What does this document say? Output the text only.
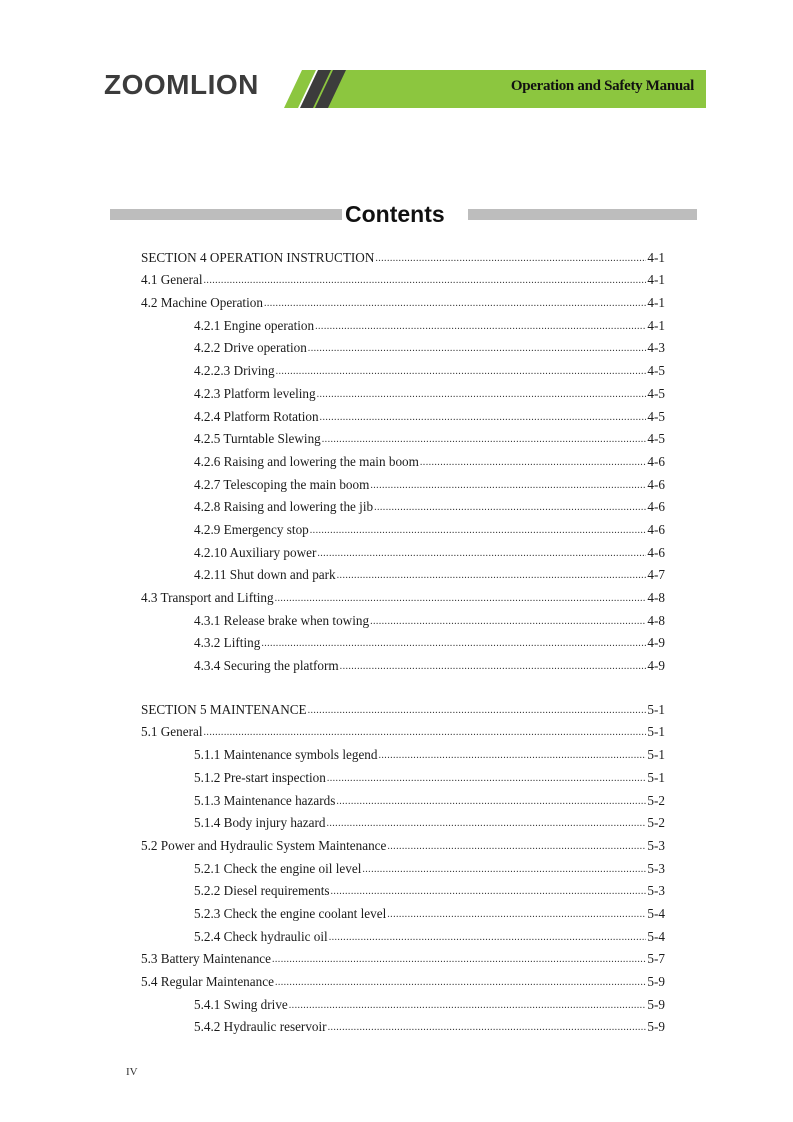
ZOOMLION	Operation and Safety Manual
Contents
SECTION 4 OPERATION INSTRUCTION .....	4-1
4.1 General .....	4-1
4.2 Machine Operation .....	4-1
4.2.1 Engine operation .....	4-1
4.2.2 Drive operation .....	4-3
4.2.2.3 Driving .....	4-5
4.2.3 Platform leveling .....	4-5
4.2.4 Platform Rotation .....	4-5
4.2.5 Turntable Slewing .....	4-5
4.2.6 Raising and lowering the main boom .....	4-6
4.2.7 Telescoping the main boom .....	4-6
4.2.8 Raising and lowering the jib .....	4-6
4.2.9 Emergency stop .....	4-6
4.2.10 Auxiliary power .....	4-6
4.2.11 Shut down and park .....	4-7
4.3 Transport and Lifting .....	4-8
4.3.1 Release brake when towing .....	4-8
4.3.2 Lifting .....	4-9
4.3.4 Securing the platform .....	4-9
SECTION 5 MAINTENANCE .....	5-1
5.1 General .....	5-1
5.1.1 Maintenance symbols legend .....	5-1
5.1.2 Pre-start inspection .....	5-1
5.1.3 Maintenance hazards .....	5-2
5.1.4 Body injury hazard .....	5-2
5.2 Power and Hydraulic System Maintenance .....	5-3
5.2.1 Check the engine oil level .....	5-3
5.2.2 Diesel requirements .....	5-3
5.2.3 Check the engine coolant level .....	5-4
5.2.4 Check hydraulic oil .....	5-4
5.3 Battery Maintenance .....	5-7
5.4 Regular Maintenance .....	5-9
5.4.1 Swing drive .....	5-9
5.4.2 Hydraulic reservoir .....	5-9
IV
